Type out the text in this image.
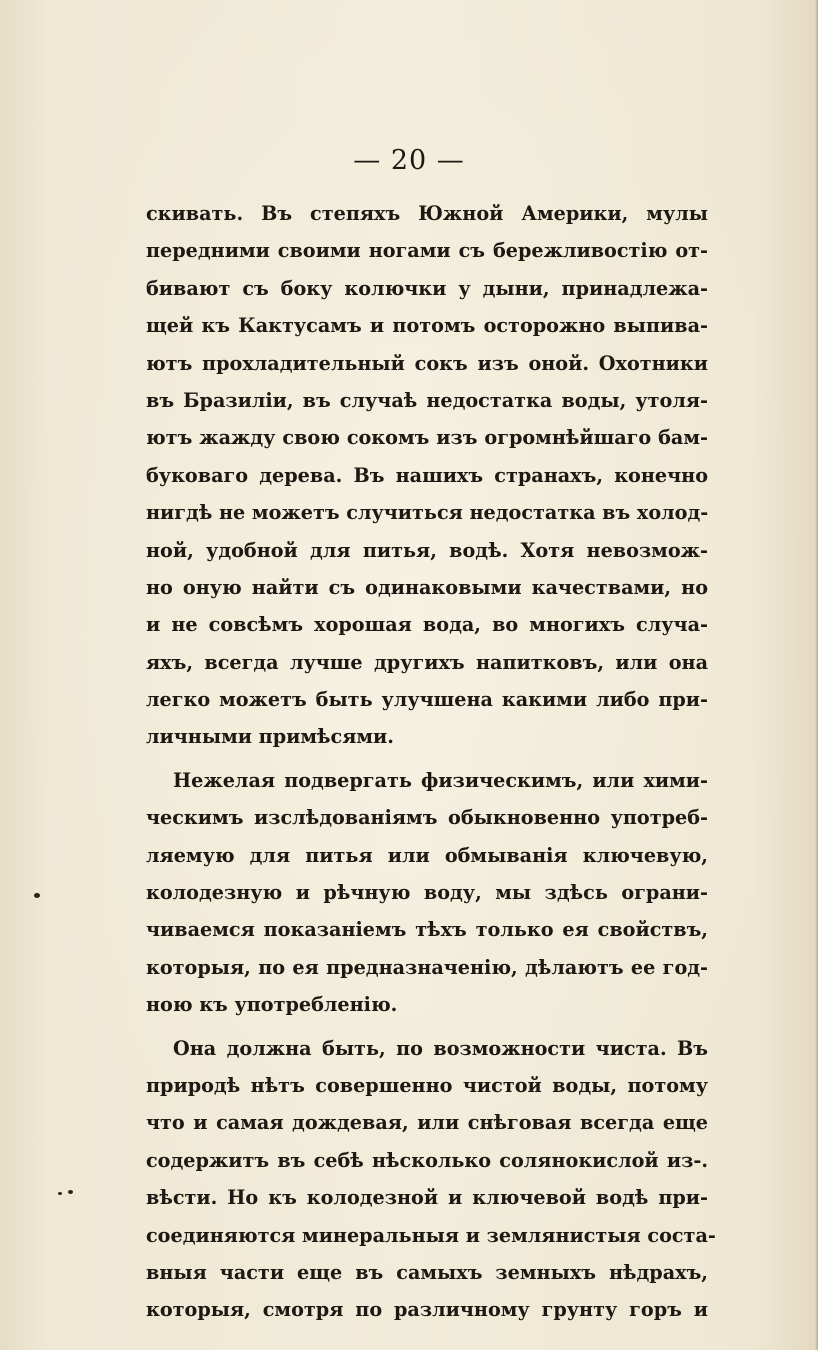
— 20 —
скивать. Въ степяхъ Южной Америки, мулы
передними своими ногами съ бережливостію от-
бивают съ боку колючки у дыни, принадлежа-
щей къ Кактусамъ и потомъ осторожно выпива-
ютъ прохладительный сокъ изъ оной. Охотники
въ Бразиліи, въ случаѣ недостатка воды, утоля-
ютъ жажду свою сокомъ изъ огромнѣйшаго бам-
буковаго дерева. Въ нашихъ странахъ, конечно
нигдѣ не можетъ случиться недостатка въ холод-
ной, удобной для питья, водѣ. Хотя невозмож-
но оную найти съ одинаковыми качествами, но
и не совсѣмъ хорошая вода, во многихъ случа-
яхъ, всегда лучше другихъ напитковъ, или она
легко можетъ быть улучшена какими либо при-
личными примѣсями.
Нежелая подвергать физическимъ, или хими-
ческимъ изслѣдованіямъ обыкновенно употреб-
ляемую для питья или обмыванія ключевую,
колодезную и рѣчную воду, мы здѣсь ограни-
чиваемся показаніемъ тѣхъ только ея свойствъ,
которыя, по ея предназначенію, дѣлаютъ ее год-
ною къ употребленію.
Она должна быть, по возможности чиста. Въ
природѣ нѣтъ совершенно чистой воды, потому
что и самая дождевая, или снѣговая всегда еще
содержитъ въ себѣ нѣсколько солянокислой из-.
вѣсти. Но къ колодезной и ключевой водѣ при-
соединяются минеральныя и землянистыя соста-
вныя части еще въ самыхъ земныхъ нѣдрахъ,
которыя, смотря по различному грунту горъ и
